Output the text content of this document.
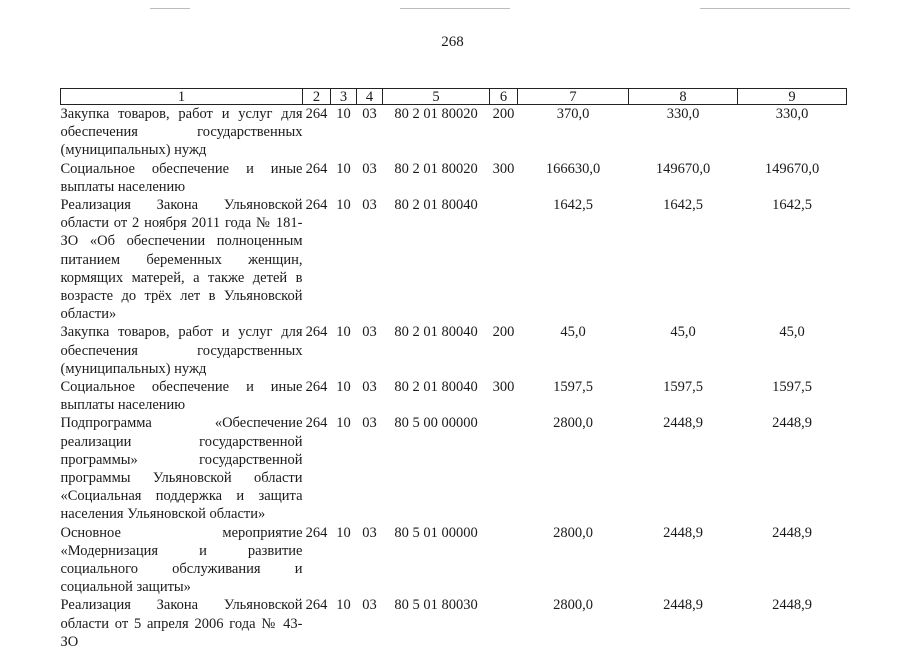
268
1	2	3	4	5	6	7	8	9
Закупка товаров, работ и услуг для обеспечения государственных (муниципальных) нужд	264	10	03	80 2 01 80020	200	370,0	330,0	330,0
Социальное обеспечение и иные выплаты населению	264	10	03	80 2 01 80020	300	166630,0	149670,0	149670,0
Реализация Закона Ульяновской области от 2 ноября 2011 года № 181-ЗО «Об обеспечении полноценным питанием беременных женщин, кормящих матерей, а также детей в возрасте до трёх лет в Ульяновской области»	264	10	03	80 2 01 80040		1642,5	1642,5	1642,5
Закупка товаров, работ и услуг для обеспечения государственных (муниципальных) нужд	264	10	03	80 2 01 80040	200	45,0	45,0	45,0
Социальное обеспечение и иные выплаты населению	264	10	03	80 2 01 80040	300	1597,5	1597,5	1597,5
Подпрограмма «Обеспечение реализации государственной программы» государственной программы Ульяновской области «Социальная поддержка и защита населения Ульяновской области»	264	10	03	80 5 00 00000		2800,0	2448,9	2448,9
Основное мероприятие «Модернизация и развитие социального обслуживания и социальной защиты»	264	10	03	80 5 01 00000		2800,0	2448,9	2448,9
Реализация Закона Ульяновской области от 5 апреля 2006 года № 43-ЗО	264	10	03	80 5 01 80030		2800,0	2448,9	2448,9
